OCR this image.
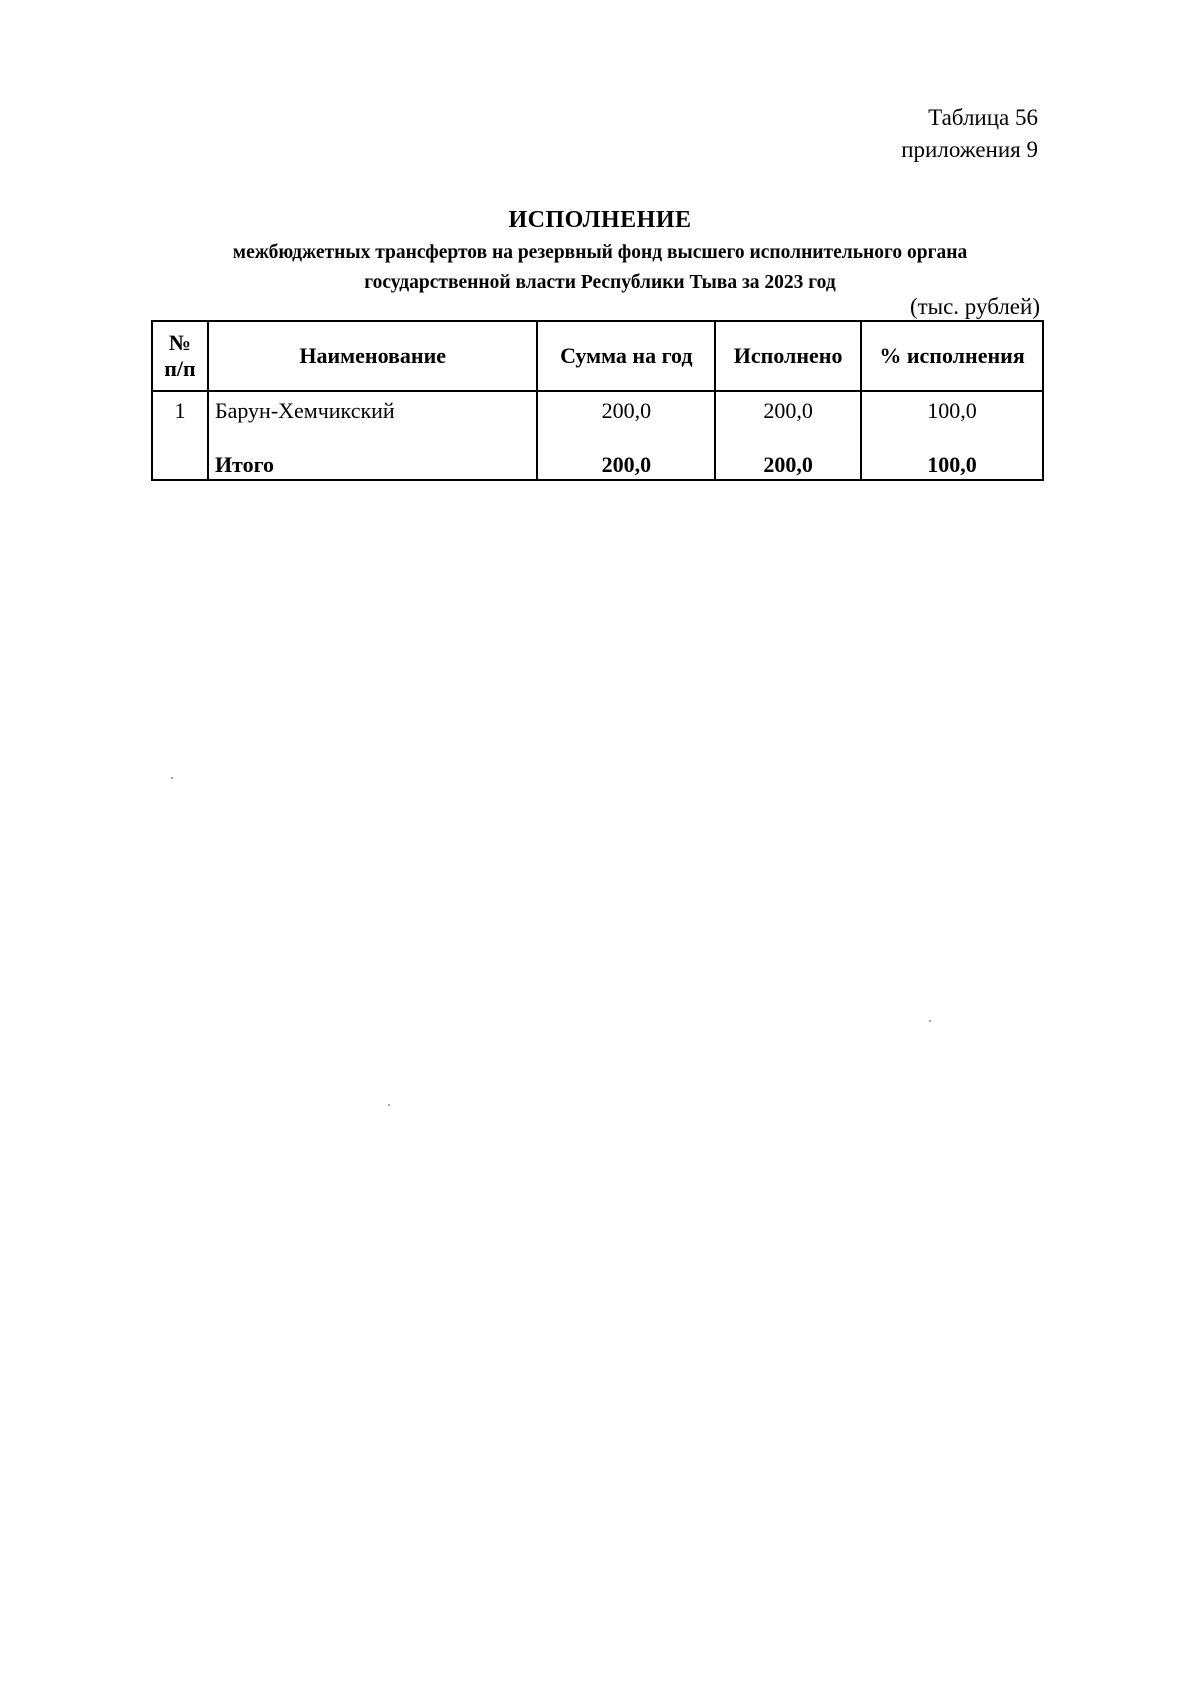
Таблица 56
приложения 9
ИСПОЛНЕНИЕ
межбюджетных трансфертов на резервный фонд высшего исполнительного органа
государственной власти Республики Тыва за 2023 год
(тыс. рублей)
№ п/п	Наименование	Сумма на год	Исполнено	% исполнения
1	Барун-Хемчикский	200,0	200,0	100,0
	Итого	200,0	200,0	100,0
